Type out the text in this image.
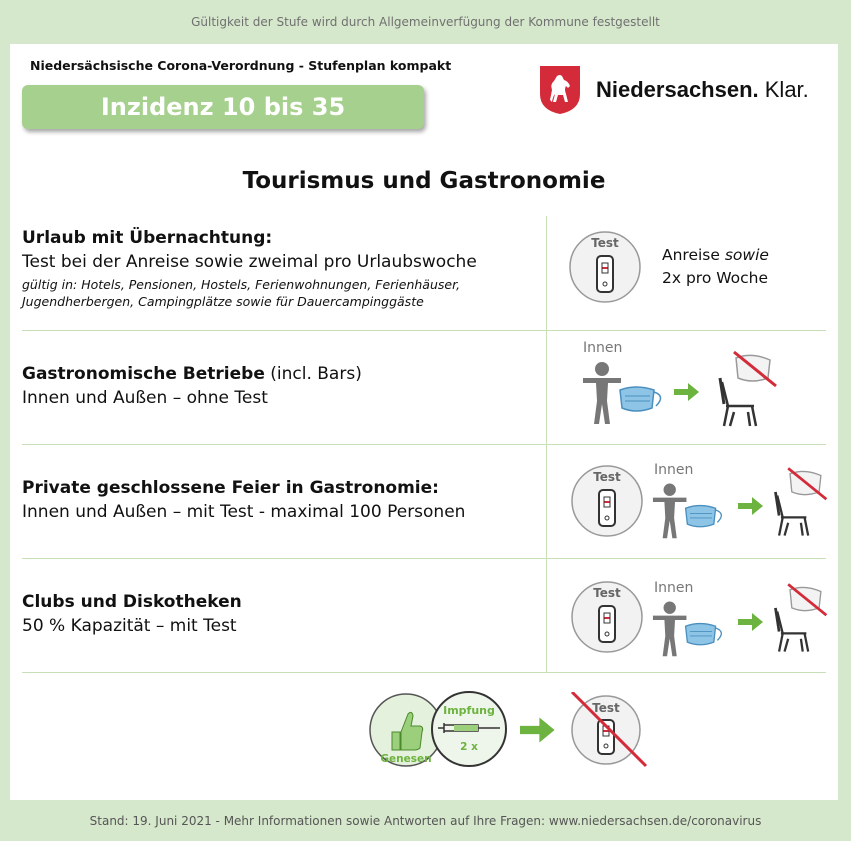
Gültigkeit der Stufe wird durch Allgemeinverfügung der Kommune festgestellt
Niedersächsische Corona-Verordnung - Stufenplan kompakt
Inzidenz 10 bis 35
Niedersachsen. Klar.
Tourismus und Gastronomie
Urlaub mit Übernachtung:
Test bei der Anreise sowie zweimal pro Urlaubswoche
gültig in: Hotels, Pensionen, Hostels, Ferienwohnungen, Ferienhäuser,
Jugendherbergen, Campingplätze sowie für Dauercampinggäste
Test
Anreise sowie
2x pro Woche
Gastronomische Betriebe (incl. Bars)
Innen und Außen – ohne Test
Innen
Private geschlossene Feier in Gastronomie:
Innen und Außen – mit Test - maximal 100 Personen
Test Innen
Clubs und Diskotheken
50 % Kapazität – mit Test
Test Innen
Genesen
Impfung
2 x
Test
Stand: 19. Juni 2021 - Mehr Informationen sowie Antworten auf Ihre Fragen: www.niedersachsen.de/coronavirus
